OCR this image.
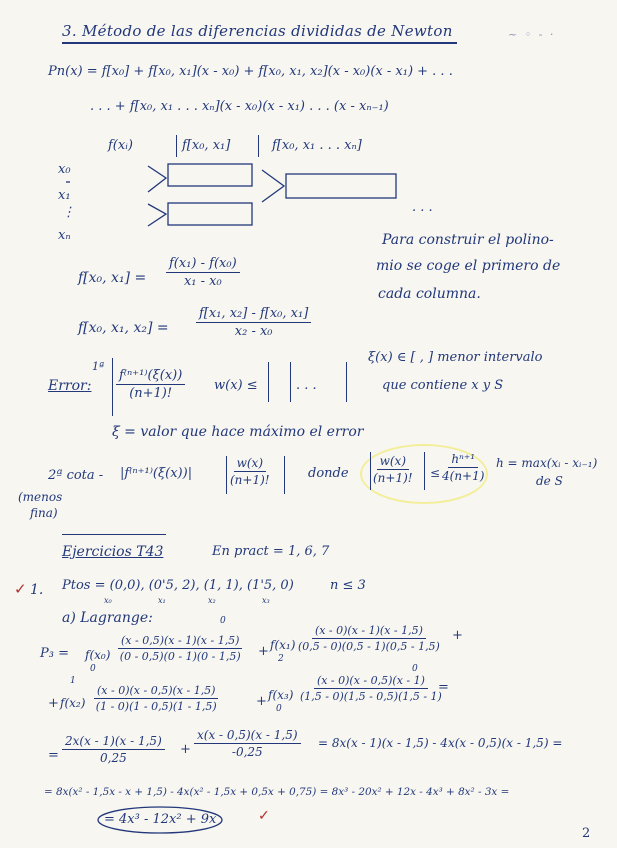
3. Método de las diferencias divididas de Newton	~ ◦ - ·
Pn(x) = f[x₀] + f[x₀, x₁](x - x₀) + f[x₀, x₁, x₂](x - x₀)(x - x₁) + . . .
. . . + f[x₀, x₁ . . . xₙ](x - x₀)(x - x₁) . . . (x - xₙ₋₁)
f(xᵢ)	f[x₀, x₁]	f[x₀, x₁ . . . xₙ]
x₀
x₁
⋮
xₙ
. . .
Para construir el polino-
mio se coge el primero de
cada columna.
f[x₀, $x_1] = \frac{\text{f(x₁) - f(x₀)}}{\text{x₁ - x₀}}$
f[x₀, x₁, $x_2] = \frac{\text{f[x₁, x₂] - f[x₀, x₁]}}{\text{x₂ - x₀}}$
1ª
Error: $\frac{\text{f⁽ⁿ⁺¹⁾(ξ(x))}}{(n+1)!} w(x)$ ≤	. . .
ξ(x) ∈ [ , ] menor intervalo
que contiene x y S
ξ = valor que hace máximo el error
2ª cota -
(menos
fina)
|f⁽ⁿ⁺¹⁾(ξ(x))|	$\frac{w(x)}{(n+1)!}$	donde $\frac{w(x)}{(n+1)!} \le \frac{\text{hⁿ⁺¹}}{4(n+1)}$ h = max(xᵢ - xᵢ₋₁)
de S
Ejercicios T43	En pract = 1, 6, 7
✓ 1. Ptos = (0,0), (0'5, 2), (1, 1), (1'5, 0)	n ≤ 3
x₀	x₁	x₂	x₃
a) Lagrange:
P₃ = f(x₀)
0
$\frac{(x - 0,5)(x - 1)(x - 1,5)}{(0 - 0,5)(0 - 1)(0 - 1,5)}$
0
+ f(x₁)
2
$\frac{(x - 0)(x - 1)(x - 1,5)}{(0,5 - 0)(0,5 - 1)(0,5 - 1,5)}$ +
+ f(x₂)
1
$\frac{(x - 0)(x - 0,5)(x - 1,5)}{(1 - 0)(1 - 0,5)(1 - 1,5)}$	+ f(x₃)
0
$\frac{(x - 0)(x - 0,5)(x - 1)}{(1,5 - 0)(1,5 - 0,5)(1,5 - 1)}$
0
=
= $\frac{2x(x - 1)(x - 1,5)}{0,25} + \frac{x(x - 0,5)(x - 1,5)}{-0,25} = 8x(x - 1)(x - 1,5) - 4x(x - 0,5)(x - 1,5)$ =
= 8x(x² - 1,5x - x + 1,5) - 4x(x² - 1,5x + 0,5x + 0,75) = 8x³ - 20x² + 12x - 4x³ + 8x² - 3x =
= 4x³ - 12x² + 9x	✓
2
